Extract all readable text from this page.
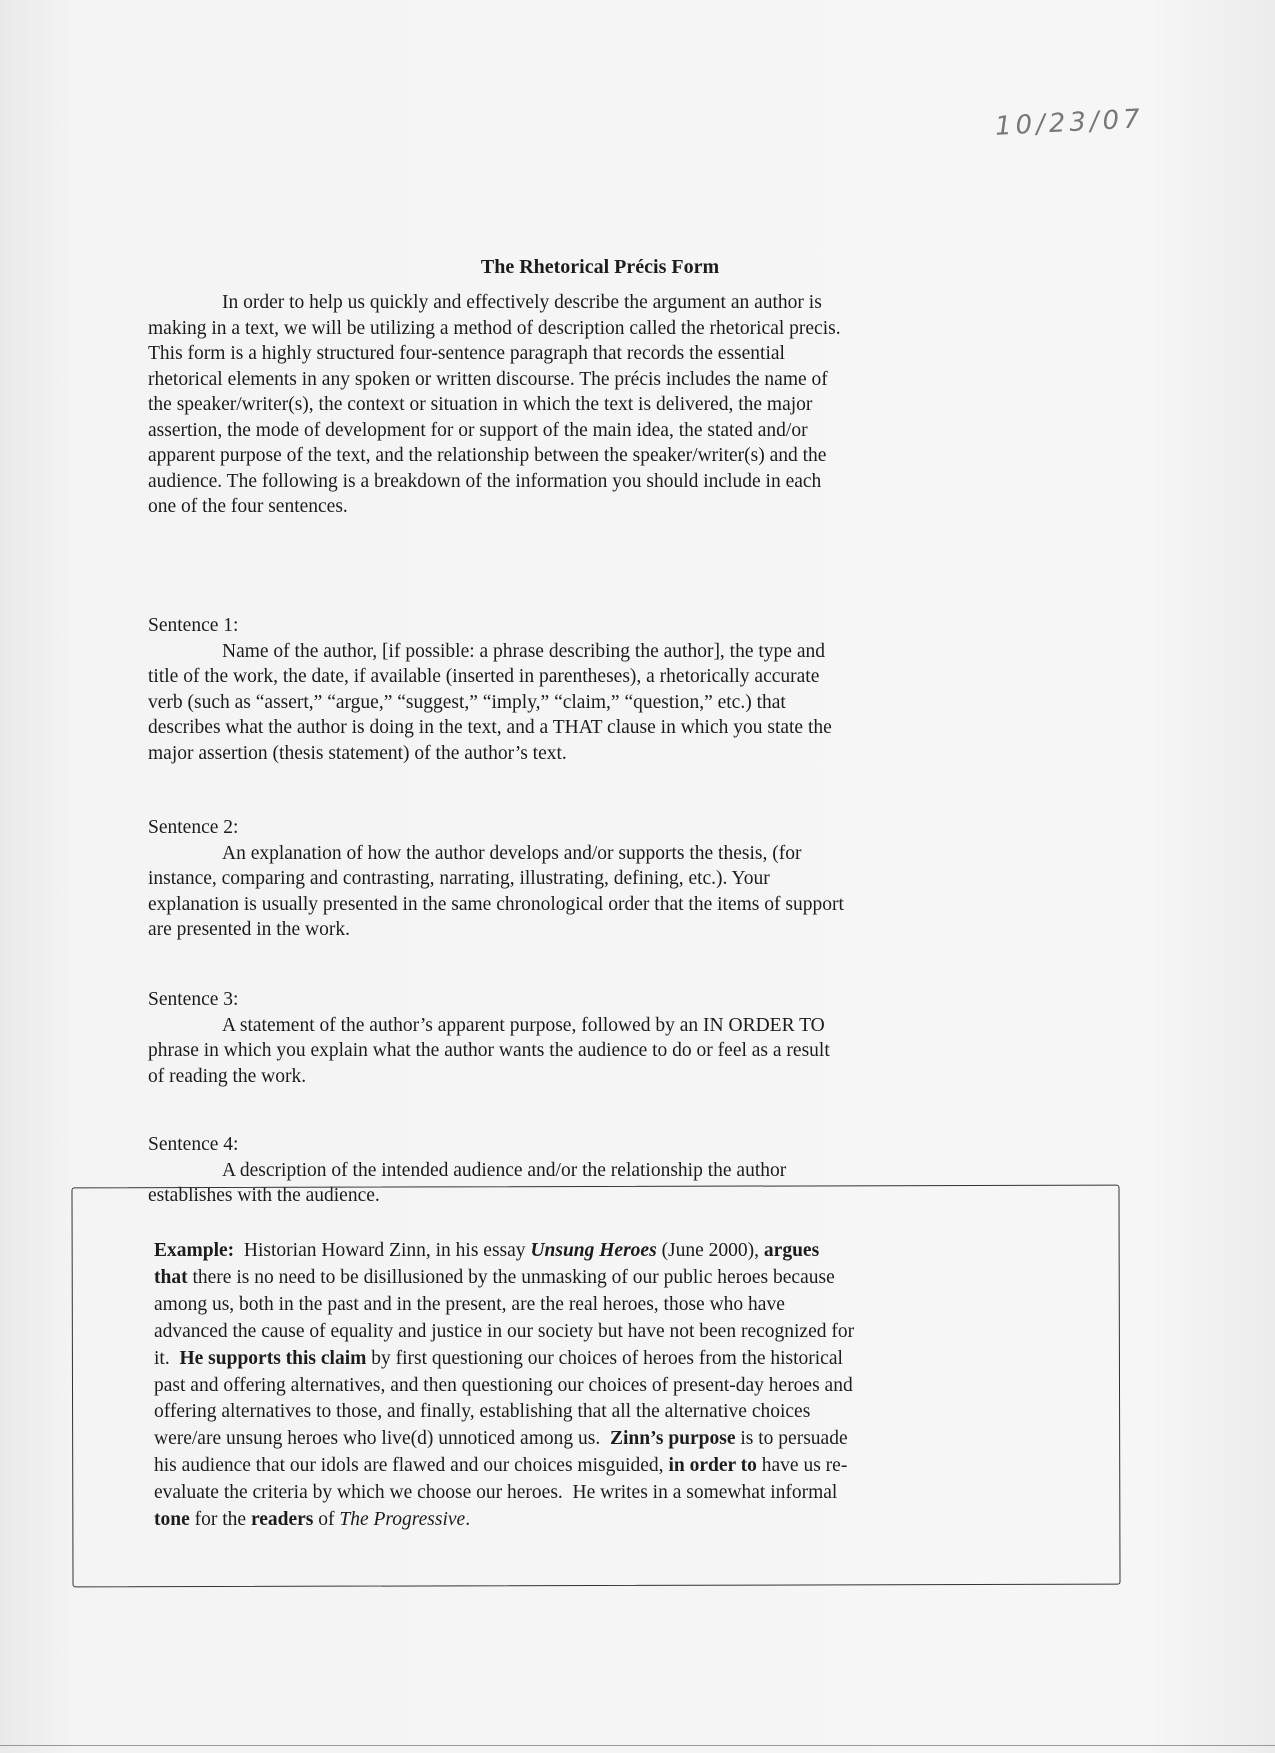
10/23/07
The Rhetorical Précis Form
In order to help us quickly and effectively describe the argument an author is
making in a text, we will be utilizing a method of description called the rhetorical precis.
This form is a highly structured four-sentence paragraph that records the essential
rhetorical elements in any spoken or written discourse. The précis includes the name of
the speaker/writer(s), the context or situation in which the text is delivered, the major
assertion, the mode of development for or support of the main idea, the stated and/or
apparent purpose of the text, and the relationship between the speaker/writer(s) and the
audience. The following is a breakdown of the information you should include in each
one of the four sentences.
Sentence 1:
Name of the author, [if possible: a phrase describing the author], the type and
title of the work, the date, if available (inserted in parentheses), a rhetorically accurate
verb (such as “assert,” “argue,” “suggest,” “imply,” “claim,” “question,” etc.) that
describes what the author is doing in the text, and a THAT clause in which you state the
major assertion (thesis statement) of the author’s text.
Sentence 2:
An explanation of how the author develops and/or supports the thesis, (for
instance, comparing and contrasting, narrating, illustrating, defining, etc.). Your
explanation is usually presented in the same chronological order that the items of support
are presented in the work.
Sentence 3:
A statement of the author’s apparent purpose, followed by an IN ORDER TO
phrase in which you explain what the author wants the audience to do or feel as a result
of reading the work.
Sentence 4:
A description of the intended audience and/or the relationship the author
establishes with the audience.
Example:  Historian Howard Zinn, in his essay Unsung Heroes (June 2000), argues
that there is no need to be disillusioned by the unmasking of our public heroes because
among us, both in the past and in the present, are the real heroes, those who have
advanced the cause of equality and justice in our society but have not been recognized for
it.  He supports this claim by first questioning our choices of heroes from the historical
past and offering alternatives, and then questioning our choices of present-day heroes and
offering alternatives to those, and finally, establishing that all the alternative choices
were/are unsung heroes who live(d) unnoticed among us.  Zinn’s purpose is to persuade
his audience that our idols are flawed and our choices misguided, in order to have us re-
evaluate the criteria by which we choose our heroes.  He writes in a somewhat informal
tone for the readers of The Progressive.
